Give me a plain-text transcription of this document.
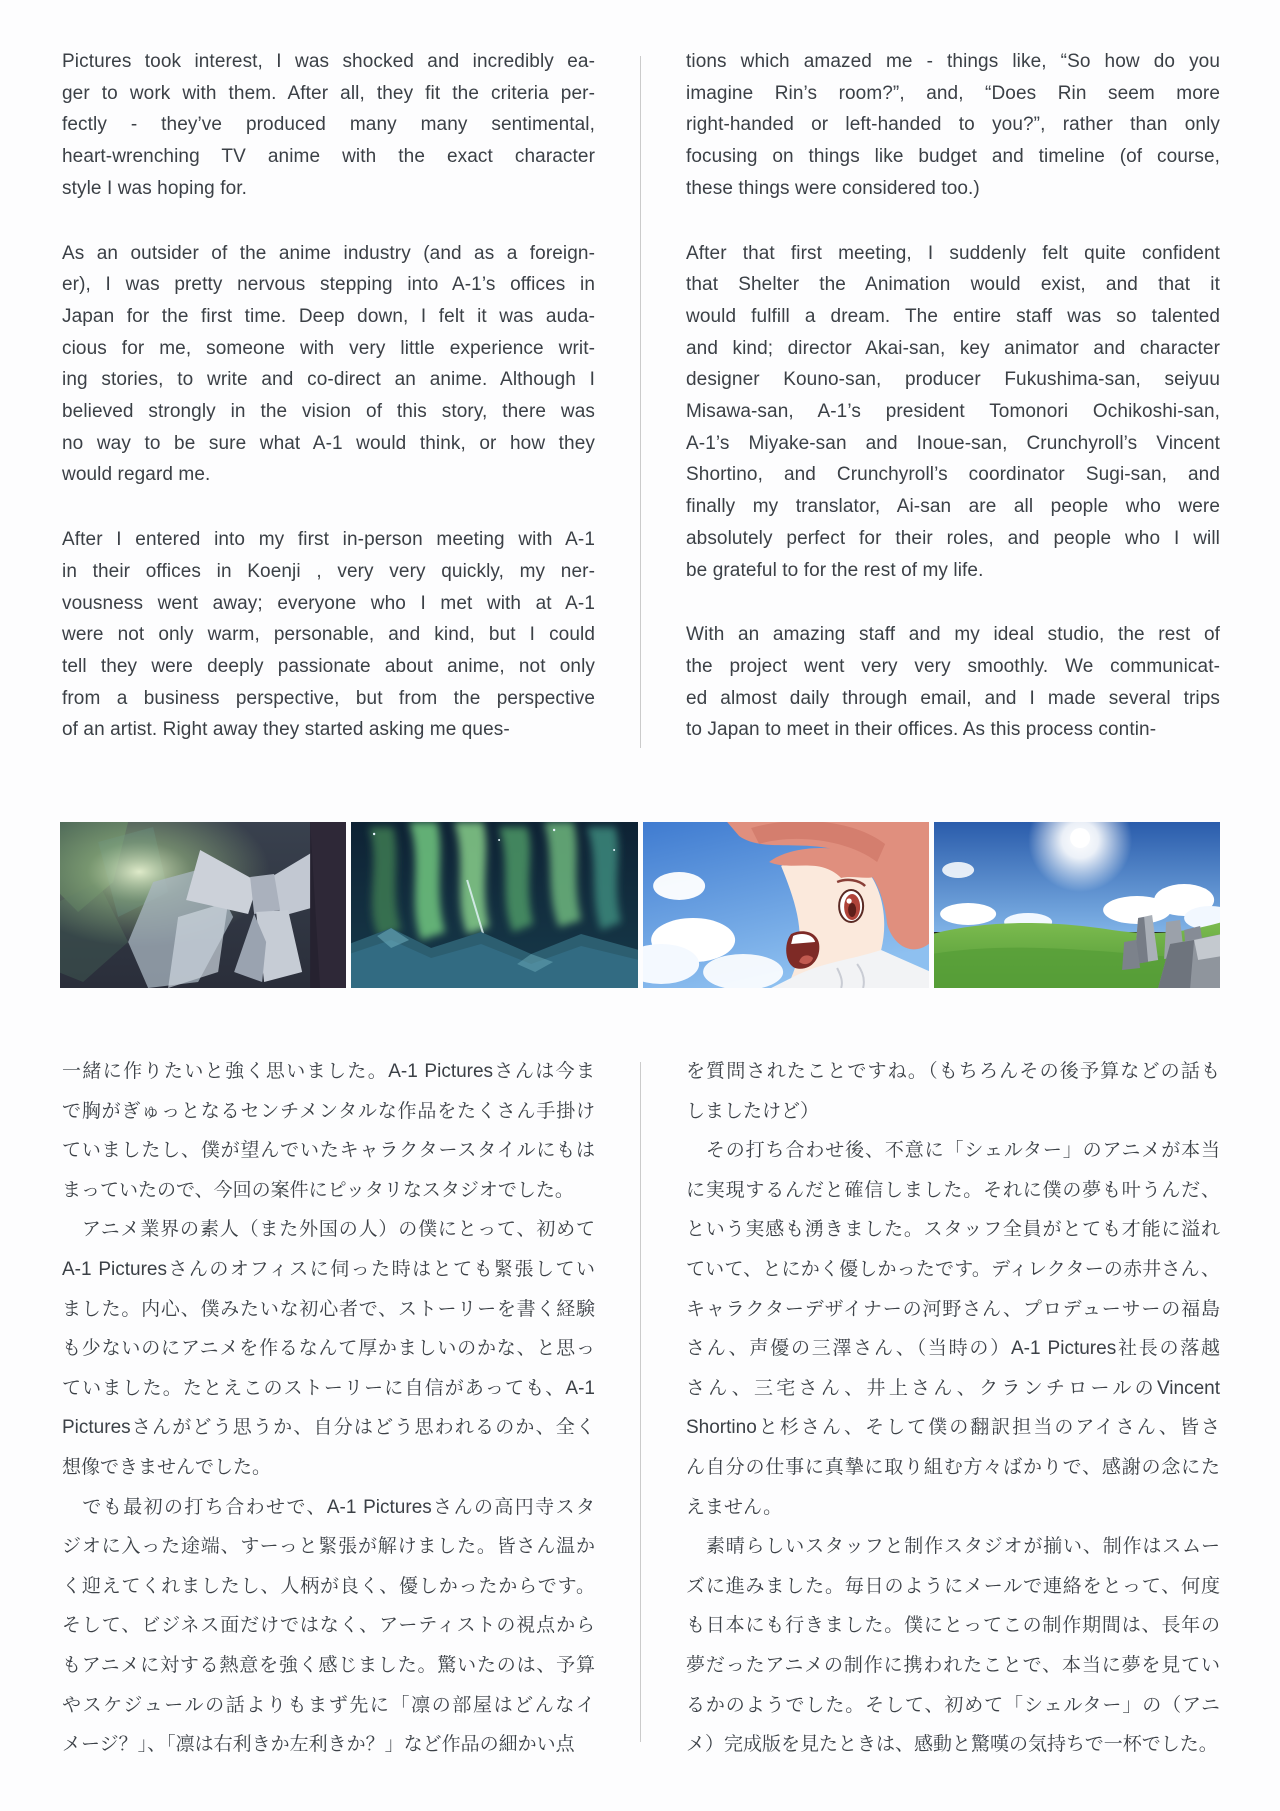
Pictures took interest, I was shocked and incredibly ea-
ger to work with them. After all, they fit the criteria per-
fectly - they’ve produced many many sentimental,
heart-wrenching TV anime with the exact character
style I was hoping for.
As an outsider of the anime industry (and as a foreign-
er), I was pretty nervous stepping into A-1’s offices in
Japan for the first time. Deep down, I felt it was auda-
cious for me, someone with very little experience writ-
ing stories, to write and co-direct an anime. Although I
believed strongly in the vision of this story, there was
no way to be sure what A-1 would think, or how they
would regard me.
After I entered into my first in-person meeting with A-1
in their offices in Koenji , very very quickly, my ner-
vousness went away; everyone who I met with at A-1
were not only warm, personable, and kind, but I could
tell they were deeply passionate about anime, not only
from a business perspective, but from the perspective
of an artist. Right away they started asking me ques-
tions which amazed me - things like, “So how do you
imagine Rin’s room?”, and, “Does Rin seem more
right-handed or left-handed to you?”, rather than only
focusing on things like budget and timeline (of course,
these things were considered too.)
After that first meeting, I suddenly felt quite confident
that Shelter the Animation would exist, and that it
would fulfill a dream. The entire staff was so talented
and kind; director Akai-san, key animator and character
designer Kouno-san, producer Fukushima-san, seiyuu
Misawa-san, A-1’s president Tomonori Ochikoshi-san,
A-1’s Miyake-san and Inoue-san, Crunchyroll’s Vincent
Shortino, and Crunchyroll’s coordinator Sugi-san, and
finally my translator, Ai-san are all people who were
absolutely perfect for their roles, and people who I will
be grateful to for the rest of my life.
With an amazing staff and my ideal studio, the rest of
the project went very very smoothly. We communicat-
ed almost daily through email, and I made several trips
to Japan to meet in their offices. As this process contin-
一緒に作りたいと強く思いました。A-1 Picturesさんは今ま
で胸がぎゅっとなるセンチメンタルな作品をたくさん手掛け
ていましたし、僕が望んでいたキャラクタースタイルにもは
まっていたので、今回の案件にピッタリなスタジオでした。
　アニメ業界の素人（また外国の人）の僕にとって、初めて
A-1 Picturesさんのオフィスに伺った時はとても緊張してい
ました。内心、僕みたいな初心者で、ストーリーを書く経験
も少ないのにアニメを作るなんて厚かましいのかな、と思っ
ていました。たとえこのストーリーに自信があっても、A-1
Picturesさんがどう思うか、自分はどう思われるのか、全く
想像できませんでした。
　でも最初の打ち合わせで、A-1 Picturesさんの高円寺スタ
ジオに入った途端、すーっと緊張が解けました。皆さん温か
く迎えてくれましたし、人柄が良く、優しかったからです。
そして、ビジネス面だけではなく、アーティストの視点から
もアニメに対する熱意を強く感じました。驚いたのは、予算
やスケジュールの話よりもまず先に「凛の部屋はどんなイ
メージ？」、「凛は右利きか左利きか？」など作品の細かい点
を質問されたことですね。（もちろんその後予算などの話も
しましたけど）
　その打ち合わせ後、不意に「シェルター」のアニメが本当
に実現するんだと確信しました。それに僕の夢も叶うんだ、
という実感も湧きました。スタッフ全員がとても才能に溢れ
ていて、とにかく優しかったです。ディレクターの赤井さん、
キャラクターデザイナーの河野さん、プロデューサーの福島
さん、声優の三澤さん、（当時の）A-1 Pictures社長の落越
さん、三宅さん、井上さん、クランチロールのVincent
Shortinoと杉さん、そして僕の翻訳担当のアイさん、皆さ
ん自分の仕事に真摯に取り組む方々ばかりで、感謝の念にた
えません。
　素晴らしいスタッフと制作スタジオが揃い、制作はスムー
ズに進みました。毎日のようにメールで連絡をとって、何度
も日本にも行きました。僕にとってこの制作期間は、長年の
夢だったアニメの制作に携われたことで、本当に夢を見てい
るかのようでした。そして、初めて「シェルター」の（アニ
メ）完成版を見たときは、感動と驚嘆の気持ちで一杯でした。
